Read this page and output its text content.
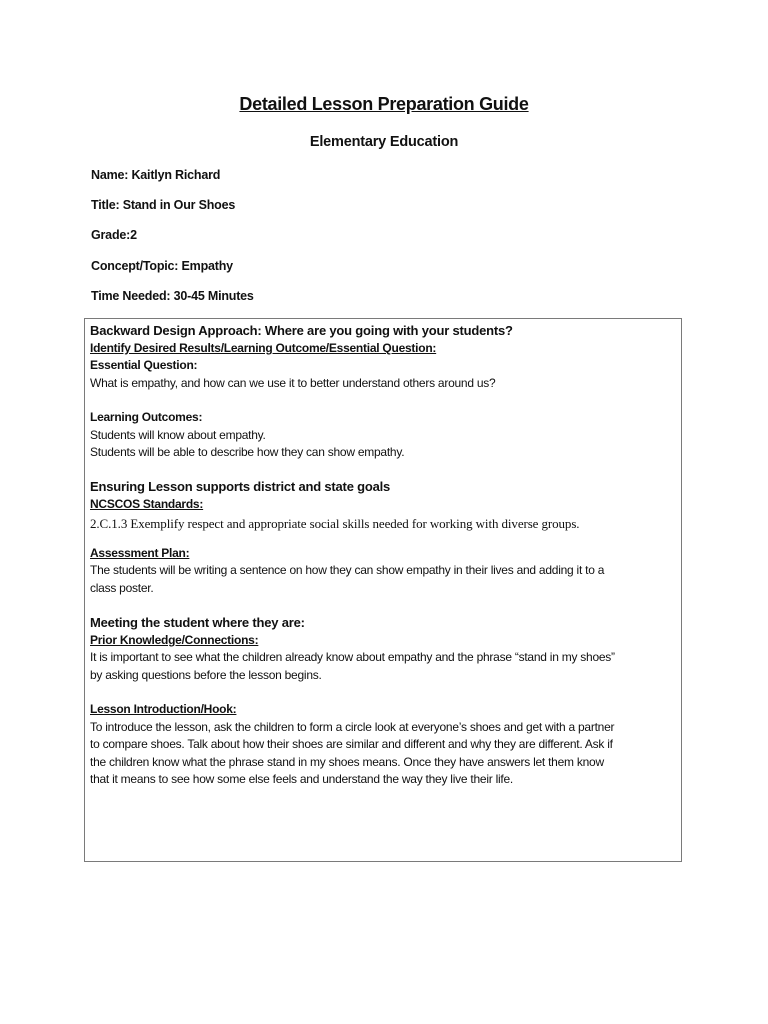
Detailed Lesson Preparation Guide
Elementary Education

Name: Kaitlyn Richard

Title: Stand in Our Shoes

Grade:2

Concept/Topic: Empathy

Time Needed: 30-45 Minutes

Backward Design Approach: Where are you going with your students?

Identify Desired Results/Learning Outcome/Essential Question:

Essential Question:

What is empathy, and how can we use it to better understand others around us?

Learning Outcomes:

Students will know about empathy.

Students will be able to describe how they can show empathy.

Ensuring Lesson supports district and state goals

NCSCOS Standards:

2.C.1.3 Exemplify respect and appropriate social skills needed for working with diverse groups.

Assessment Plan:

The students will be writing a sentence on how they can show empathy in their lives and adding it to a

class poster.

Meeting the student where they are:

Prior Knowledge/Connections:

It is important to see what the children already know about empathy and the phrase “stand in my shoes”

by asking questions before the lesson begins.

Lesson Introduction/Hook:

To introduce the lesson, ask the children to form a circle look at everyone’s shoes and get with a partner

to compare shoes. Talk about how their shoes are similar and different and why they are different. Ask if

the children know what the phrase stand in my shoes means. Once they have answers let them know

that it means to see how some else feels and understand the way they live their life.
